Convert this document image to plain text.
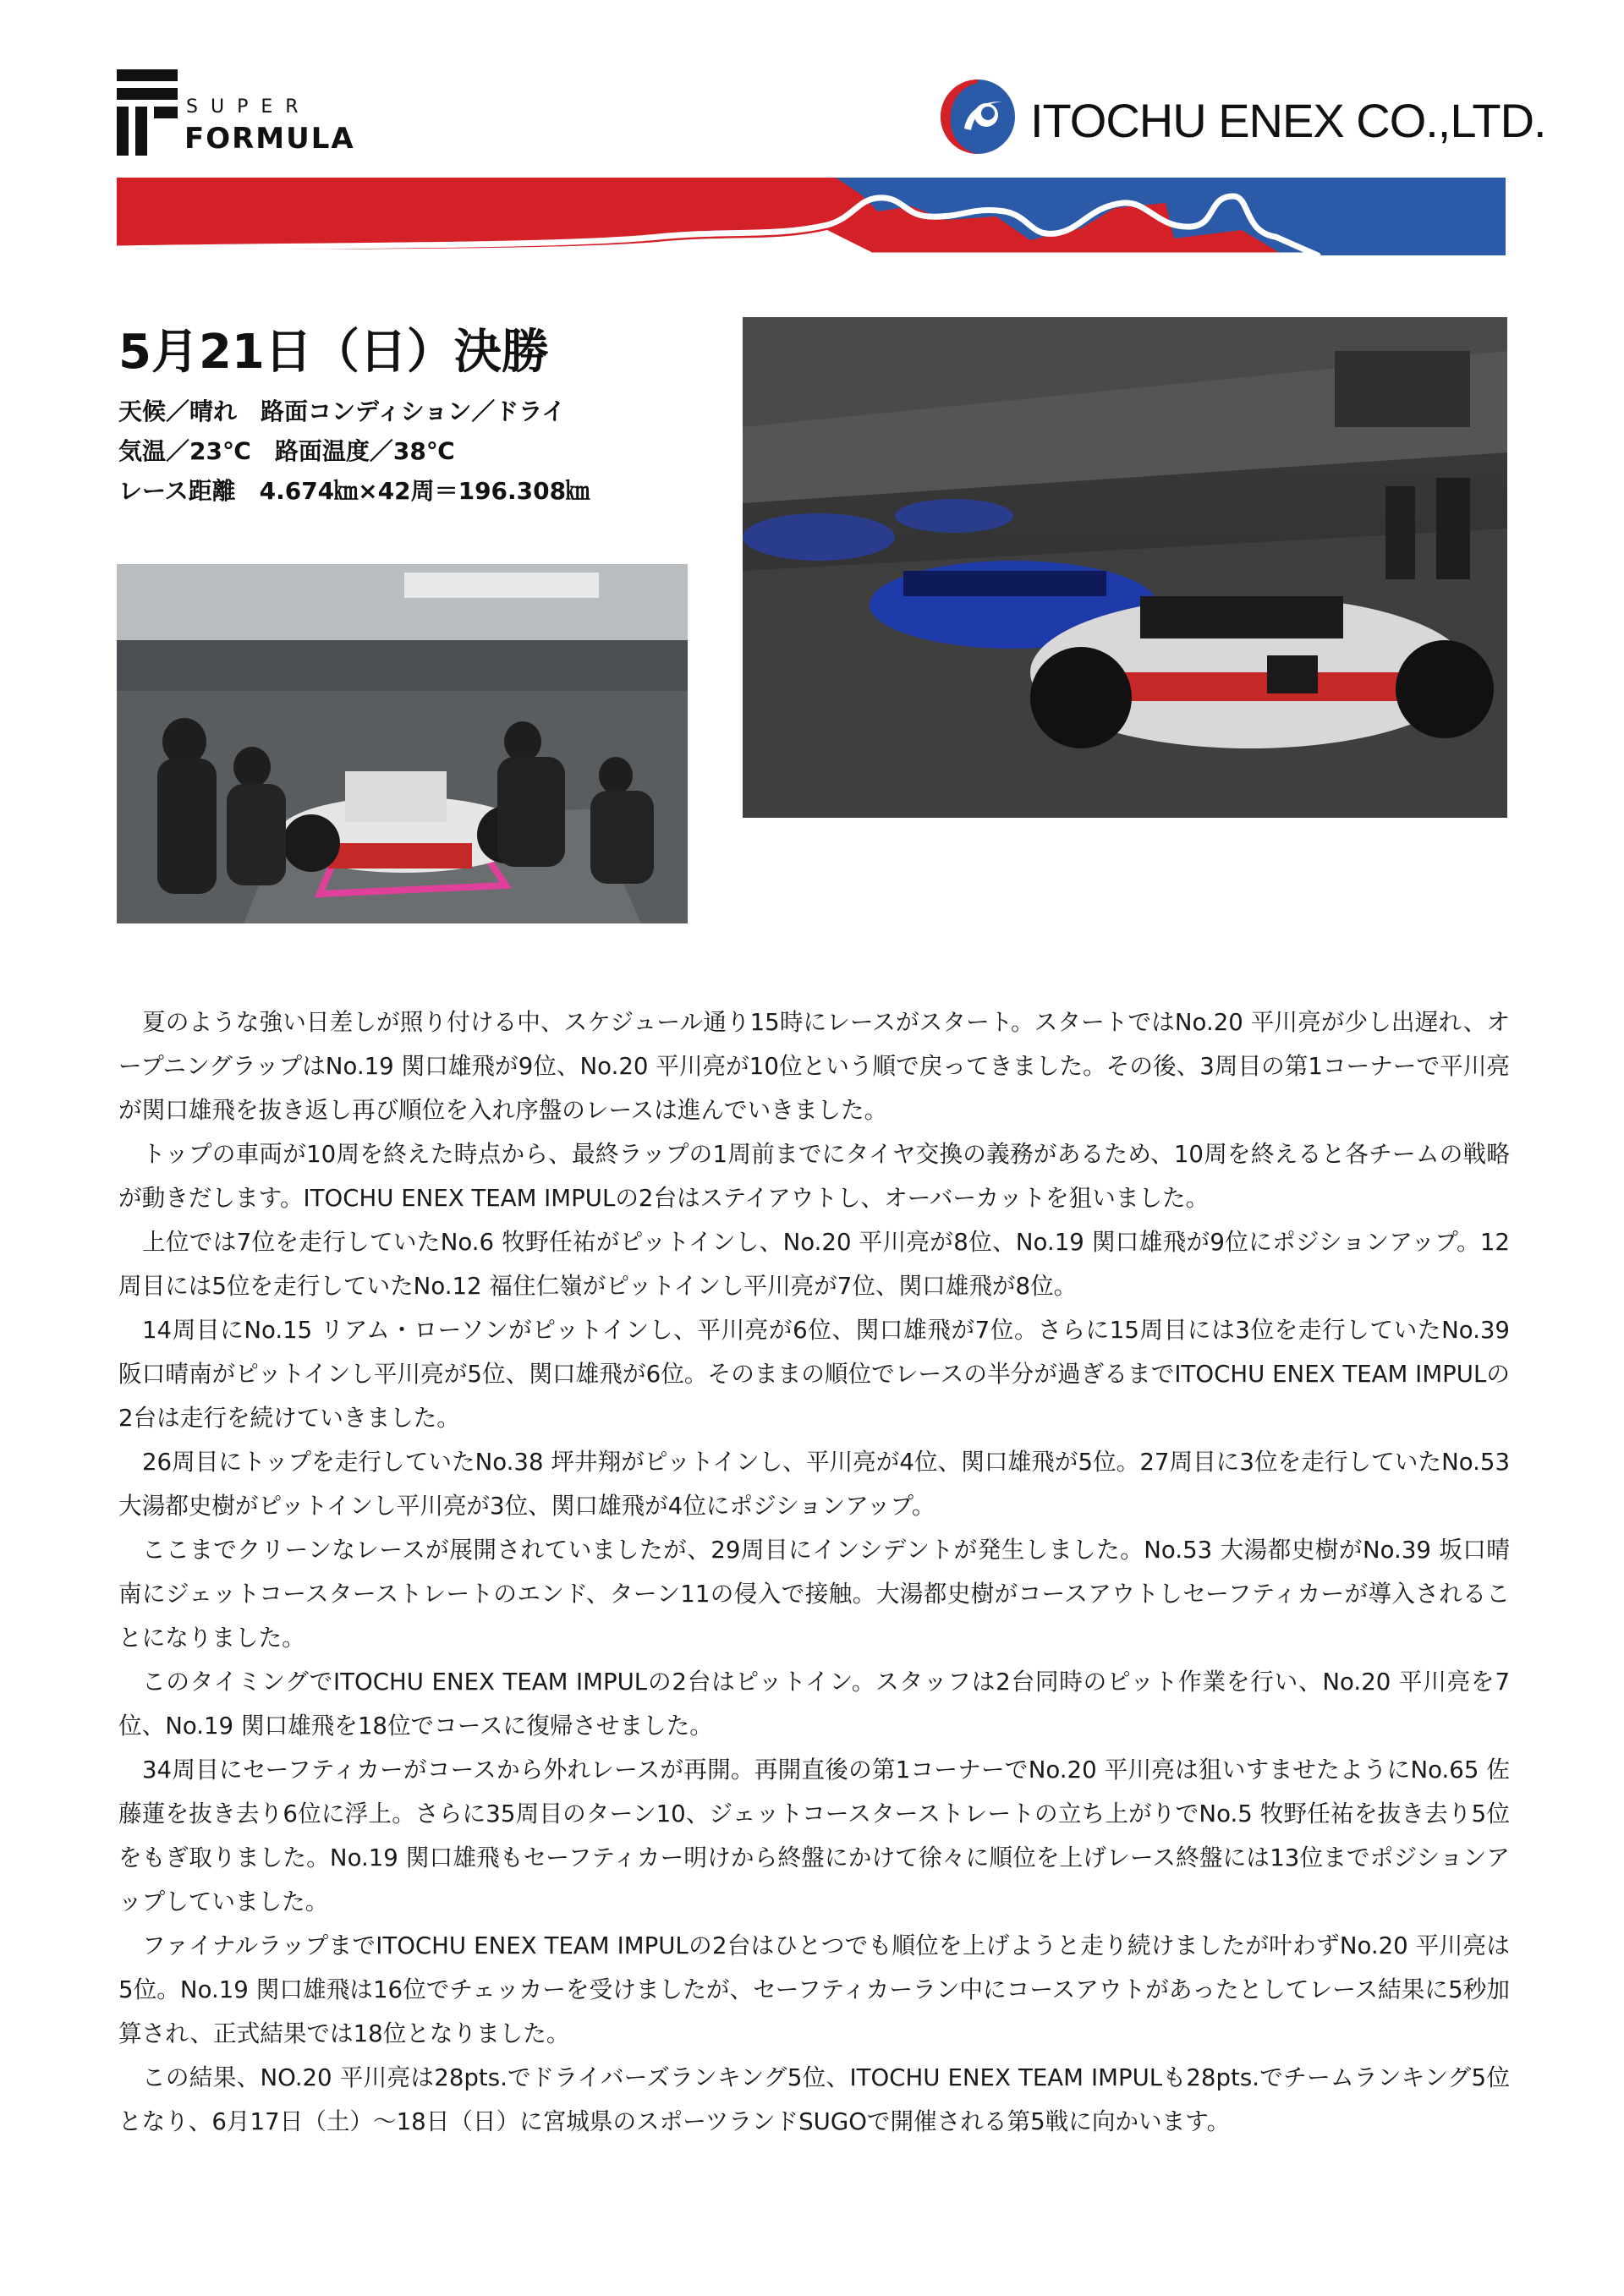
SUPER
FORMULA	ITOCHU ENEX CO.,LTD.
5月21日（日）決勝
天候／晴れ　路面コンディション／ドライ
気温／23℃　路面温度／38℃
レース距離　4.674㎞×42周＝196.308㎞

夏のような強い日差しが照り付ける中、スケジュール通り15時にレースがスタート。スタートではNo.20 平川亮が少し出遅れ、オープニングラップはNo.19 関口雄飛が9位、No.20 平川亮が10位という順で戻ってきました。その後、3周目の第1コーナーで平川亮が関口雄飛を抜き返し再び順位を入れ序盤のレースは進んでいきました。

トップの車両が10周を終えた時点から、最終ラップの1周前までにタイヤ交換の義務があるため、10周を終えると各チームの戦略が動きだします。ITOCHU ENEX TEAM IMPULの2台はステイアウトし、オーバーカットを狙いました。

上位では7位を走行していたNo.6 牧野任祐がピットインし、No.20 平川亮が8位、No.19 関口雄飛が9位にポジションアップ。12周目には5位を走行していたNo.12 福住仁嶺がピットインし平川亮が7位、関口雄飛が8位。

14周目にNo.15 リアム・ローソンがピットインし、平川亮が6位、関口雄飛が7位。さらに15周目には3位を走行していたNo.39 阪口晴南がピットインし平川亮が5位、関口雄飛が6位。そのままの順位でレースの半分が過ぎるまでITOCHU ENEX TEAM IMPULの2台は走行を続けていきました。

26周目にトップを走行していたNo.38 坪井翔がピットインし、平川亮が4位、関口雄飛が5位。27周目に3位を走行していたNo.53 大湯都史樹がピットインし平川亮が3位、関口雄飛が4位にポジションアップ。

ここまでクリーンなレースが展開されていましたが、29周目にインシデントが発生しました。No.53 大湯都史樹がNo.39 坂口晴南にジェットコースターストレートのエンド、ターン11の侵入で接触。大湯都史樹がコースアウトしセーフティカーが導入されることになりました。

このタイミングでITOCHU ENEX TEAM IMPULの2台はピットイン。スタッフは2台同時のピット作業を行い、No.20 平川亮を7位、No.19 関口雄飛を18位でコースに復帰させました。

34周目にセーフティカーがコースから外れレースが再開。再開直後の第1コーナーでNo.20 平川亮は狙いすませたようにNo.65 佐藤蓮を抜き去り6位に浮上。さらに35周目のターン10、ジェットコースターストレートの立ち上がりでNo.5 牧野任祐を抜き去り5位をもぎ取りました。No.19 関口雄飛もセーフティカー明けから終盤にかけて徐々に順位を上げレース終盤には13位までポジションアップしていました。

ファイナルラップまでITOCHU ENEX TEAM IMPULの2台はひとつでも順位を上げようと走り続けましたが叶わずNo.20 平川亮は5位。No.19 関口雄飛は16位でチェッカーを受けましたが、セーフティカーラン中にコースアウトがあったとしてレース結果に5秒加算され、正式結果では18位となりました。

この結果、NO.20 平川亮は28pts.でドライバーズランキング5位、ITOCHU ENEX TEAM IMPULも28pts.でチームランキング5位となり、6月17日（土）～18日（日）に宮城県のスポーツランドSUGOで開催される第5戦に向かいます。
